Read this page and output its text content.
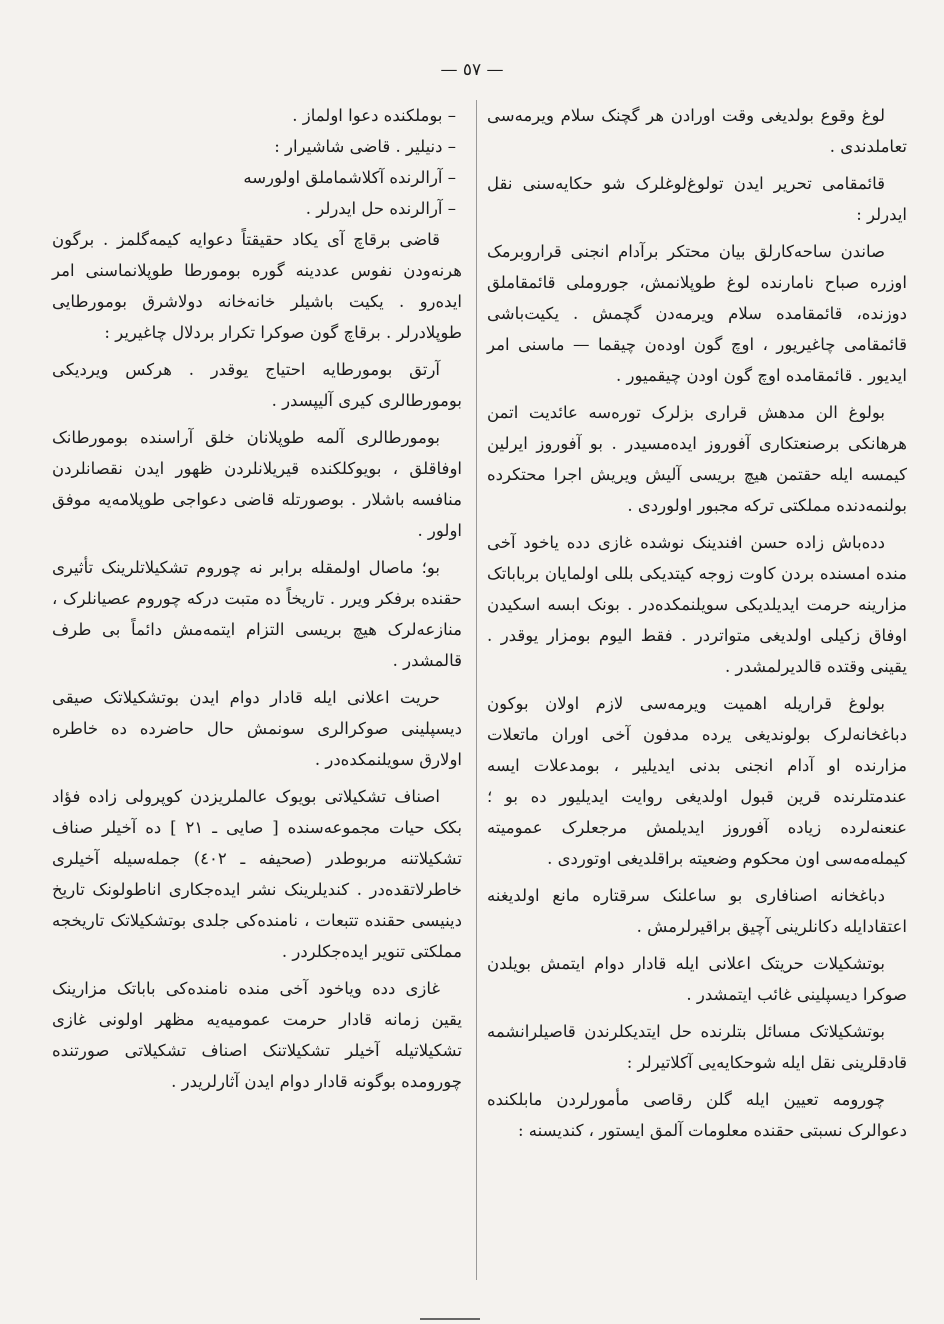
— ٥٧ —

لوغ وقوع بولدیغی وقت اورادن هر گچنک سلام ویرمه‌سی تعاملدندی .

قائمقامی تحریر ایدن تولوغ‌لوغلرک شو حکایه‌سنی نقل ایدرلر :

صاندن ساحه‌کارلق بیان محتکر برآدام انجنی قراروبرمک اوزره صباح نامارنده لوغ طوپلانمش، جوروملی قائمقاملق دوزنده، قائمقامده سلام ویرمه‌دن گچمش . یکیت‌باشی قائمقامی چاغیریور ، اوچ گون اوده‌ن چیقما — ماسنی امر ایدیور . قائمقامده اوچ گون اودن چیقمیور .

بولوغ الن مدهش قراری بزلرک توره‌سه عائدیت اتمن هرهانکی برصنعتکاری آفوروز ایده‌مسیدر . بو آفوروز ایرلین کیمسه ایله حقتمن هیچ بریسی آلیش ویریش اجرا محتکرده بولنمه‌دنده مملکتی ترکه مجبور اولوردی .

دده‌باش زاده حسن افندینک نوشده غازی دده یاخود آخی منده امسنده بردن کاوت زوجه کیتدیکی بللی اولمایان برباباتک مزارینه حرمت ایدیلدیکی سویلنمکده‌در . بونک ابسه اسکیدن اوفاق زکیلی اولدیغی متواتردر . فقط الیوم بومزار یوقدر . یقینی وقتده قالدیرلمشدر .

بولوغ قراریله اهمیت ویرمه‌سی لازم اولان بوکون دباغخانه‌لرک بولوندیغی یرده مدفون آخی اوران ماتعلات مزارنده او آدام انجنی بدنی ایدیلیر ، بومدعلات ایسه عندمتلرنده قرین قبول اولدیغی روایت ایدیلیور ده بو ؛ عنعنه‌لرده زیاده آفوروز ایدیلمش مرجعلرک عمومیته کیمله‌مه‌سی اون محکوم وضعیته براقلدیغی اوتوردی .

دباغخانه اصنافاری بو ساعلنک سرقتاره مانع اولدیغنه اعتقادایله دکانلرینی آچیق براقیرلرمش .

بوتشکیلات حریتک اعلانی ایله قادار دوام ایتمش بویلدن صوکرا دیسپلینی غائب ایتمشدر .

بوتشکیلاتک مسائل بتلرنده حل ایتدیکلرندن قاصیلرانشمه قادقلرینی نقل ایله شوحکایه‌یی آکلاتیرلر :

چورومه تعیین ایله گلن رقاصی مأمورلردن مابلکنده دعوالرک نسبتی حقنده معلومات آلمق ایستور ، کندیسنه :

– بوملکنده دعوا اولماز .

– دنیلیر . قاضی شاشیرار :

– آرالرنده آکلاشماملق اولورسه

– آرالرنده حل ایدرلر .

قاضی برقاچ آی یکاد حقیقتاً دعوایه کیمه‌گلمز . برگون هرنه‌ودن نفوس عددینه گوره بومورطا طوپلانماسنی امر ایده‌رو . یکیت باشیلر خانه‌خانه دولاشرق بومورطایی طوپلادرلر . برقاچ گون صوکرا تکرار بردلال چاغیریر :

آرتق بومورطایه احتیاج یوقدر . هرکس ویردیکی بومورطالری کیری آلیپسدر .

بومورطالری آلمه طوپلانان خلق آراسنده بومورطانک اوفاقلق ، بویوکلکنده قیریلانلردن ظهور ایدن نقصانلردن منافسه باشلار . بوصورتله قاضی دعواجی طوپلامه‌یه موفق اولور .

بو؛ ماصال اولمقله برابر نه چوروم تشکیلاتلرینک تأثیری حقنده برفکر ویرر . تاریخاً ده متبت درکه چوروم عصیانلرک ، منازعه‌لرک هیچ بریسی التزام ایتمه‌مش دائماً بی طرف قالمشدر .

حریت اعلانی ایله قادار دوام ایدن بوتشکیلاتک صیقی دیسپلینی صوکرالری سونمش حال حاضرده ده خاطره اولارق سویلنمکده‌در .

اصناف تشکیلاتی بویوک عالملریزدن کوپرولی زاده فؤاد بکک حیات مجموعه‌سنده [ صایی ـ ٢١ ] ده آخیلر صناف تشکیلاتنه مربوطدر (صحیفه ـ ٤٠٢) جمله‌سیله آخیلری خاطرلاتقده‌در . کندیلرینک نشر ایده‌جکاری اناطولونک تاریخ دینیسی حقنده تتبعات ، نامنده‌کی جلدی بوتشکیلاتک تاریخجه مملکتی تنویر ایده‌جکلردر .

غازی دده ویاخود آخی منده نامنده‌کی باباتک مزارینک یقین زمانه قادار حرمت عمومیه‌یه مظهر اولونی غازی تشکیلاتیله آخیلر تشکیلاتنک اصناف تشکیلاتی صورتنده چورومده بوگونه قادار دوام ایدن آثارلریدر .
